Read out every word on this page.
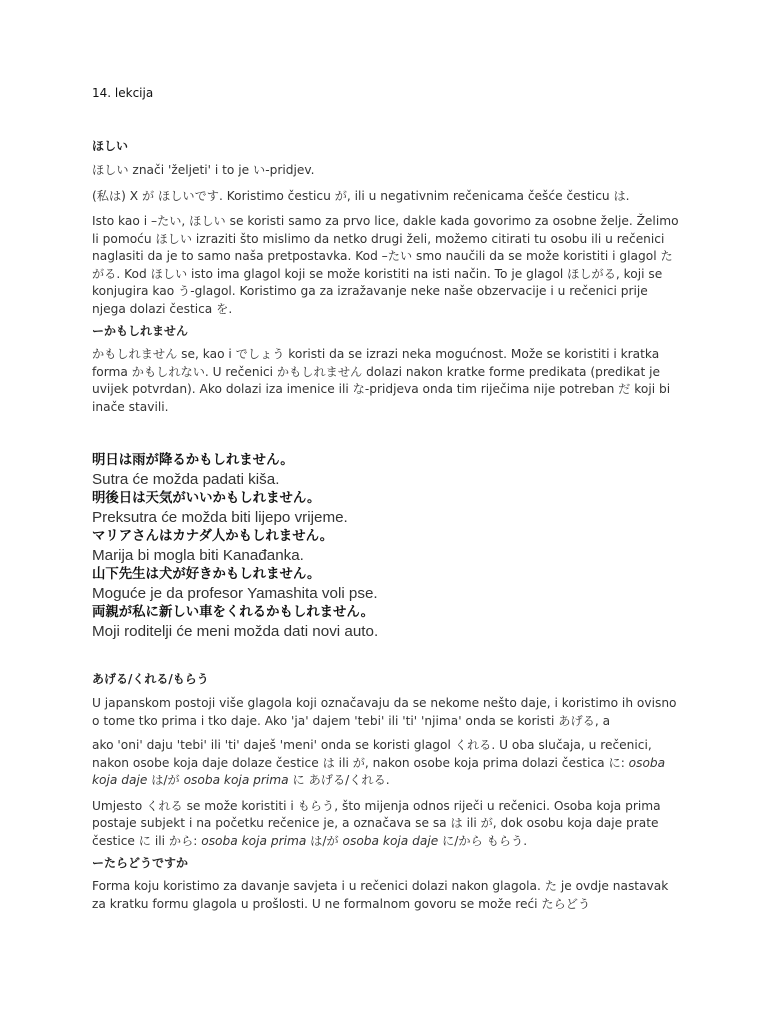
14. lekcija

ほしい

ほしい znači 'željeti' i to je い-pridjev.

(私は) X が ほしいです. Koristimo česticu が, ili u negativnim rečenicama češće česticu は.

Isto kao i –たい, ほしい se koristi samo za prvo lice, dakle kada govorimo za osobne želje. Želimo li pomoću ほしい izraziti što mislimo da netko drugi želi, možemo citirati tu osobu ili u rečenici naglasiti da je to samo naša pretpostavka. Kod –たい smo naučili da se može koristiti i glagol たがる. Kod ほしい isto ima glagol koji se može koristiti na isti način. To je glagol ほしがる, koji se konjugira kao う-glagol. Koristimo ga za izražavanje neke naše obzervacije i u rečenici prije njega dolazi čestica を.

ーかもしれません

かもしれません se, kao i でしょう koristi da se izrazi neka mogućnost. Može se koristiti i kratka forma かもしれない. U rečenici かもしれません dolazi nakon kratke forme predikata (predikat je uvijek potvrdan). Ako dolazi iza imenice ili な-pridjeva onda tim riječima nije potreban だ koji bi inače stavili.

明日は雨が降るかもしれません。

Sutra će možda padati kiša.

明後日は天気がいいかもしれません。

Preksutra će možda biti lijepo vrijeme.

マリアさんはカナダ人かもしれません。

Marija bi mogla biti Kanađanka.

山下先生は犬が好きかもしれません。

Moguće je da profesor Yamashita voli pse.

両親が私に新しい車をくれるかもしれません。

Moji roditelji će meni možda dati novi auto.

あげる/くれる/もらう

U japanskom postoji više glagola koji označavaju da se nekome nešto daje, i koristimo ih ovisno o tome tko prima i tko daje. Ako 'ja' dajem 'tebi' ili 'ti' 'njima' onda se koristi あげる, a

ako 'oni' daju 'tebi' ili 'ti' daješ 'meni' onda se koristi glagol くれる. U oba slučaja, u rečenici, nakon osobe koja daje dolaze čestice は ili が, nakon osobe koja prima dolazi čestica に: osoba koja daje は/が osoba koja prima に あげる/くれる.

Umjesto くれる se može koristiti i もらう, što mijenja odnos riječi u rečenici. Osoba koja prima postaje subjekt i na početku rečenice je, a označava se sa は ili が, dok osobu koja daje prate čestice に ili から: osoba koja prima は/が osoba koja daje に/から もらう.

ーたらどうですか

Forma koju koristimo za davanje savjeta i u rečenici dolazi nakon glagola. た je ovdje nastavak za kratku formu glagola u prošlosti. U ne formalnom govoru se može reći たらどう
